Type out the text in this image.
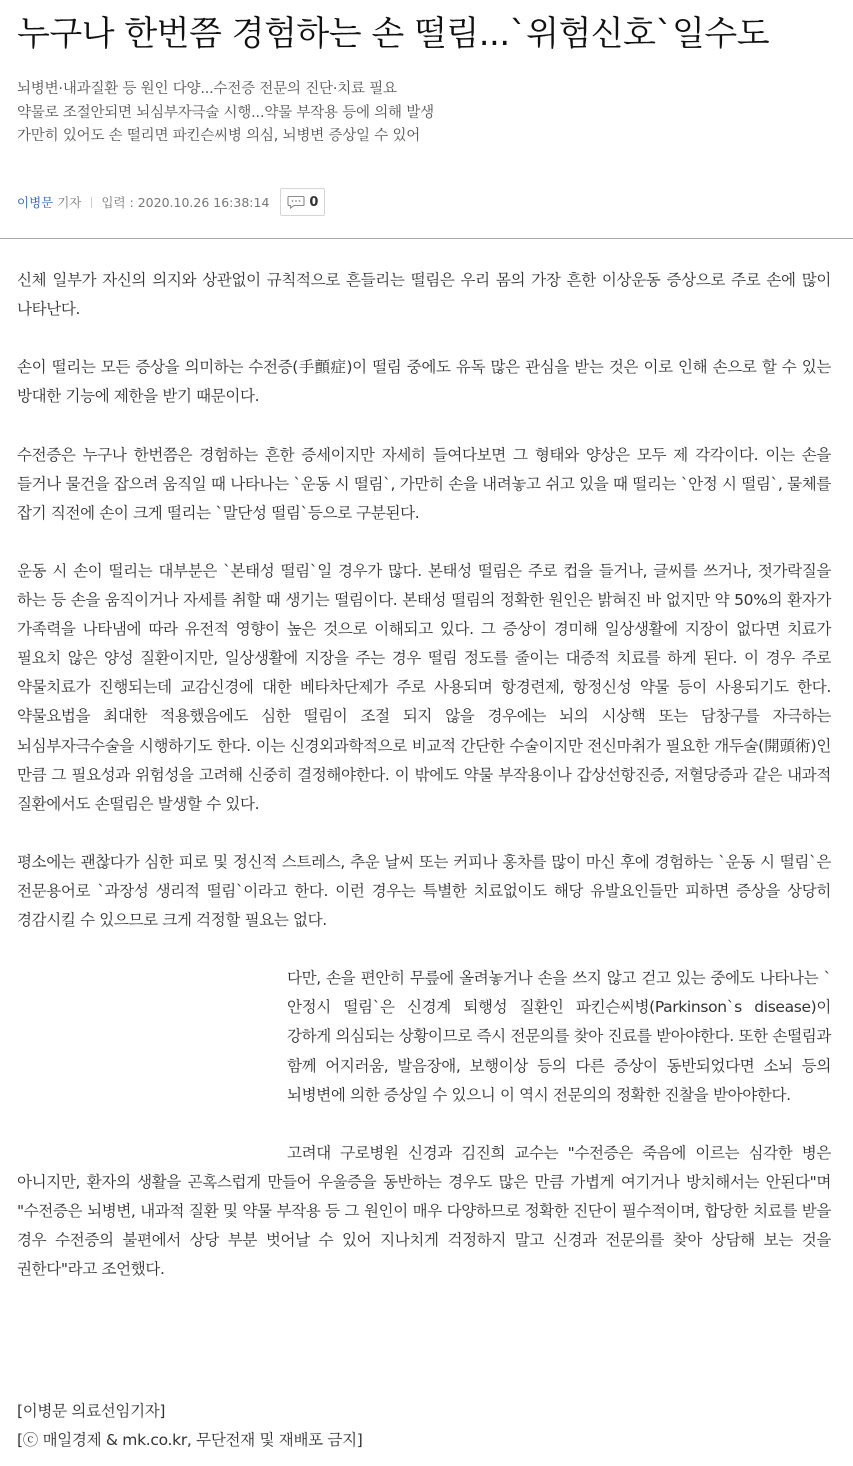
누구나 한번쯤 경험하는 손 떨림...`위험신호`일수도
뇌병변·내과질환 등 원인 다양...수전증 전문의 진단·치료 필요
약물로 조절안되면 뇌심부자극술 시행...약물 부작용 등에 의해 발생
가만히 있어도 손 떨리면 파킨슨씨병 의심, 뇌병변 증상일 수 있어
이병문 기자 입력 : 2020.10.26 16:38:14	0

신체 일부가 자신의 의지와 상관없이 규칙적으로 흔들리는 떨림은 우리 몸의 가장 흔한 이상운동 증상으로 주로 손에 많이 나타난다.

손이 떨리는 모든 증상을 의미하는 수전증(手顫症)이 떨림 중에도 유독 많은 관심을 받는 것은 이로 인해 손으로 할 수 있는 방대한 기능에 제한을 받기 때문이다.

수전증은 누구나 한번쯤은 경험하는 흔한 증세이지만 자세히 들여다보면 그 형태와 양상은 모두 제 각각이다. 이는 손을 들거나 물건을 잡으려 움직일 때 나타나는 `운동 시 떨림`, 가만히 손을 내려놓고 쉬고 있을 때 떨리는 `안정 시 떨림`, 물체를 잡기 직전에 손이 크게 떨리는 `말단성 떨림`등으로 구분된다.

운동 시 손이 떨리는 대부분은 `본태성 떨림`일 경우가 많다. 본태성 떨림은 주로 컵을 들거나, 글씨를 쓰거나, 젓가락질을 하는 등 손을 움직이거나 자세를 취할 때 생기는 떨림이다. 본태성 떨림의 정확한 원인은 밝혀진 바 없지만 약 50%의 환자가 가족력을 나타냄에 따라 유전적 영향이 높은 것으로 이해되고 있다. 그 증상이 경미해 일상생활에 지장이 없다면 치료가 필요치 않은 양성 질환이지만, 일상생활에 지장을 주는 경우 떨림 정도를 줄이는 대증적 치료를 하게 된다. 이 경우 주로 약물치료가 진행되는데 교감신경에 대한 베타차단제가 주로 사용되며 항경련제, 항정신성 약물 등이 사용되기도 한다. 약물요법을 최대한 적용했음에도 심한 떨림이 조절 되지 않을 경우에는 뇌의 시상핵 또는 담창구를 자극하는 뇌심부자극수술을 시행하기도 한다. 이는 신경외과학적으로 비교적 간단한 수술이지만 전신마취가 필요한 개두술(開頭術)인 만큼 그 필요성과 위험성을 고려해 신중히 결정해야한다. 이 밖에도 약물 부작용이나 갑상선항진증, 저혈당증과 같은 내과적 질환에서도 손떨림은 발생할 수 있다.

평소에는 괜찮다가 심한 피로 및 정신적 스트레스, 추운 날씨 또는 커피나 홍차를 많이 마신 후에 경험하는 `운동 시 떨림`은 전문용어로 `과장성 생리적 떨림`이라고 한다. 이런 경우는 특별한 치료없이도 해당 유발요인들만 피하면 증상을 상당히 경감시킬 수 있으므로 크게 걱정할 필요는 없다.

다만, 손을 편안히 무릎에 올려놓거나 손을 쓰지 않고 걷고 있는 중에도 나타나는 `안정시 떨림`은 신경계 퇴행성 질환인 파킨슨씨병(Parkinson`s disease)이 강하게 의심되는 상황이므로 즉시 전문의를 찾아 진료를 받아야한다. 또한 손떨림과 함께 어지러움, 발음장애, 보행이상 등의 다른 증상이 동반되었다면 소뇌 등의 뇌병변에 의한 증상일 수 있으니 이 역시 전문의의 정확한 진찰을 받아야한다.

고려대 구로병원 신경과 김진희 교수는 "수전증은 죽음에 이르는 심각한 병은 아니지만, 환자의 생활을 곤혹스럽게 만들어 우울증을 동반하는 경우도 많은 만큼 가볍게 여기거나 방치해서는 안된다"며 "수전증은 뇌병변, 내과적 질환 및 약물 부작용 등 그 원인이 매우 다양하므로 정확한 진단이 필수적이며, 합당한 치료를 받을 경우 수전증의 불편에서 상당 부분 벗어날 수 있어 지나치게 걱정하지 말고 신경과 전문의를 찾아 상담해 보는 것을 권한다"라고 조언했다.

[이병문 의료선임기자]
[ⓒ 매일경제 & mk.co.kr, 무단전재 및 재배포 금지]
